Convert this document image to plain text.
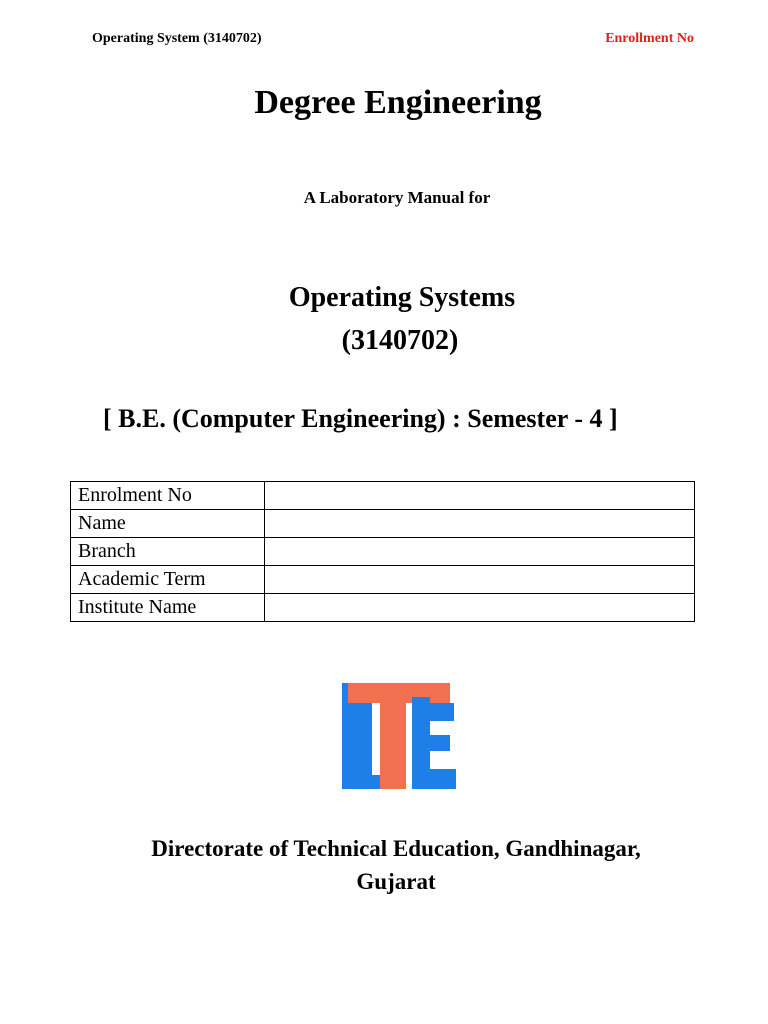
Operating System (3140702)	Enrollment No
Degree Engineering
A Laboratory Manual for
Operating Systems
(3140702)
[ B.E. (Computer Engineering) : Semester - 4 ]
Enrolment No	
Name	
Branch	
Academic Term	
Institute Name	
Directorate of Technical Education, Gandhinagar,
Gujarat
